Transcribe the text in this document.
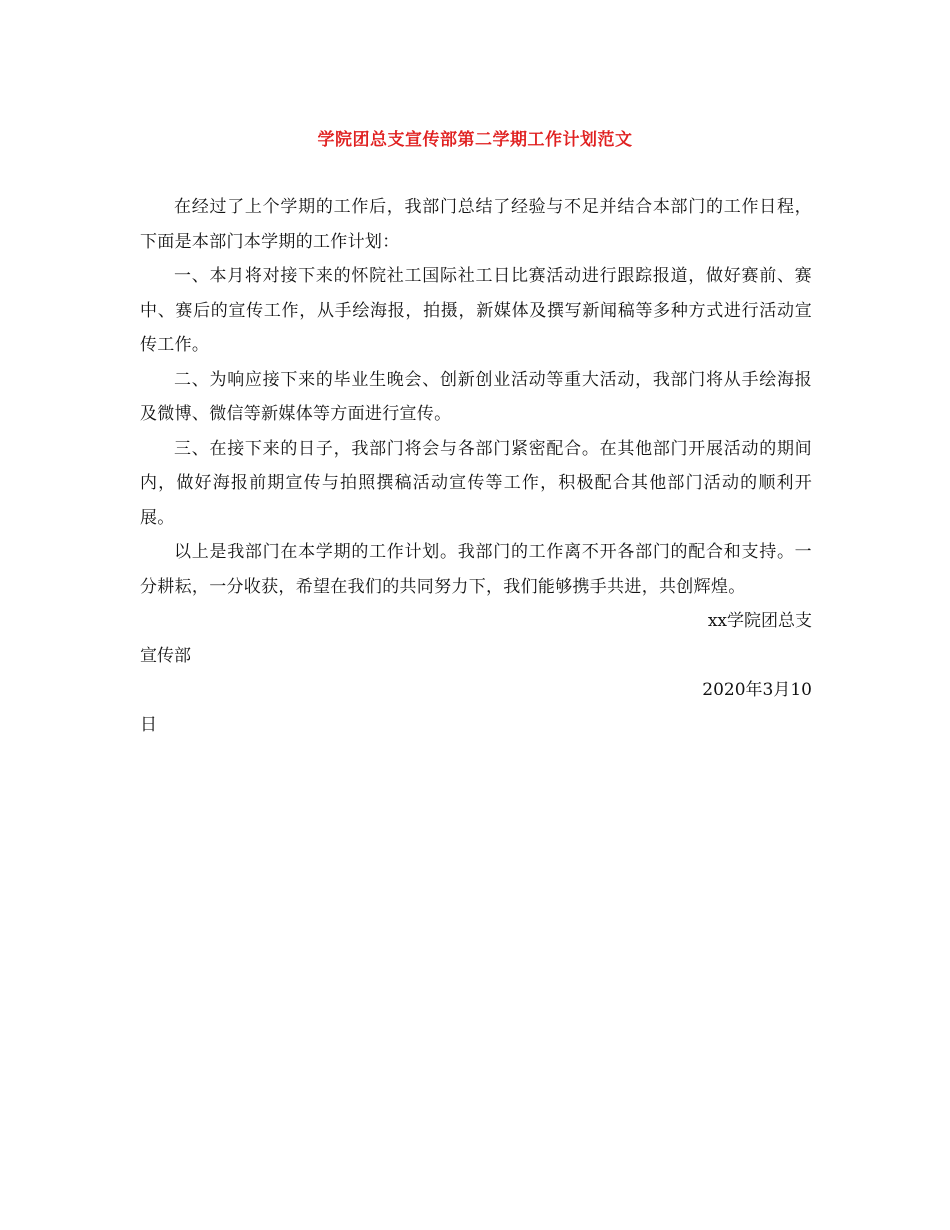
学院团总支宣传部第二学期工作计划范文

在经过了上个学期的工作后，我部门总结了经验与不足并结合本部门的工作日程，下面是本部门本学期的工作计划：

一、本月将对接下来的怀院社工国际社工日比赛活动进行跟踪报道，做好赛前、赛中、赛后的宣传工作，从手绘海报，拍摄，新媒体及撰写新闻稿等多种方式进行活动宣传工作。

二、为响应接下来的毕业生晚会、创新创业活动等重大活动，我部门将从手绘海报及微博、微信等新媒体等方面进行宣传。

三、在接下来的日子，我部门将会与各部门紧密配合。在其他部门开展活动的期间内，做好海报前期宣传与拍照撰稿活动宣传等工作，积极配合其他部门活动的顺利开展。

以上是我部门在本学期的工作计划。我部门的工作离不开各部门的配合和支持。一分耕耘，一分收获，希望在我们的共同努力下，我们能够携手共进，共创辉煌。

xx学院团总支

宣传部

2020年3月10

日
